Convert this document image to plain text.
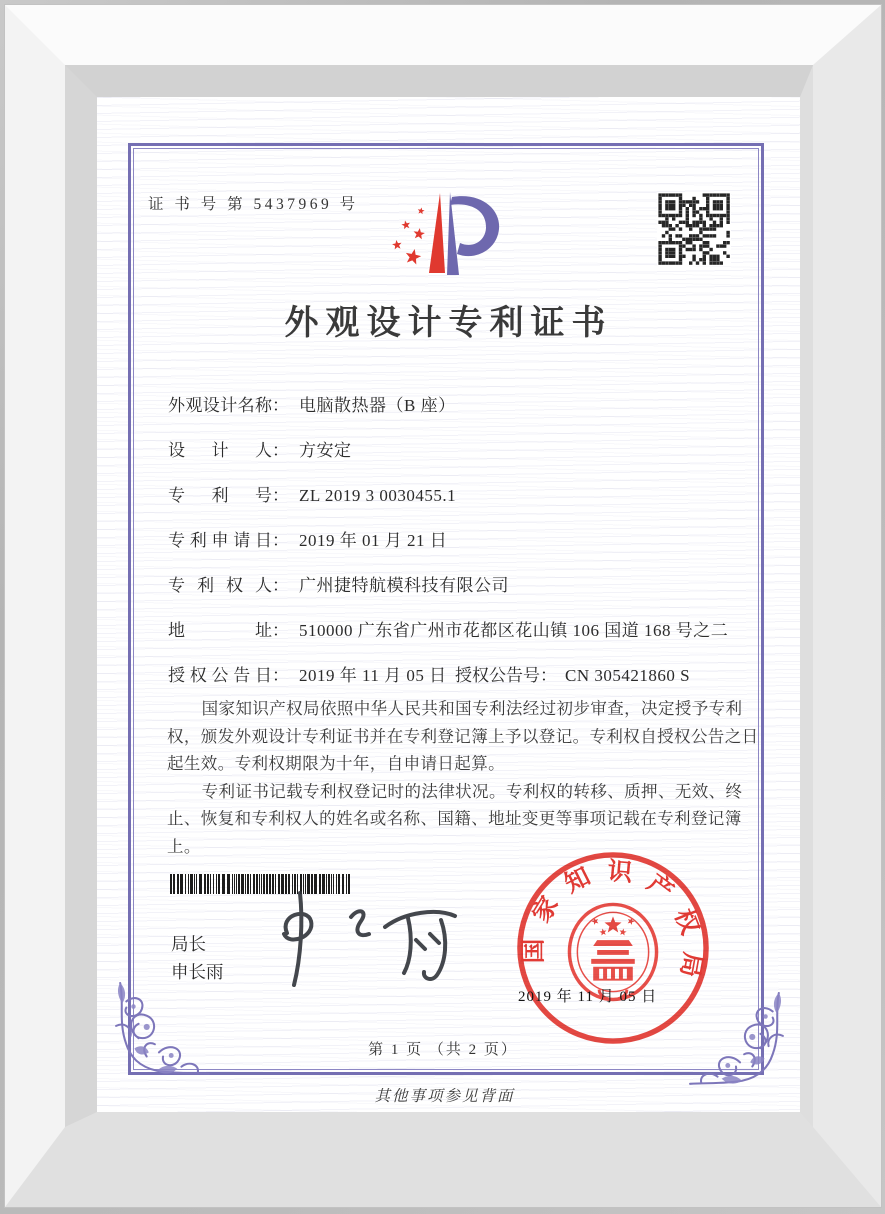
证 书 号 第 5437969 号
外观设计专利证书
外观设计名称： 电脑散热器（B 座）
设计人： 方安定
专利号： ZL 2019 3 0030455.1
专利申请日： 2019 年 01 月 21 日
专利权人： 广州捷特航模科技有限公司
地址： 510000 广东省广州市花都区花山镇 106 国道 168 号之二
授权公告日： 2019 年 11 月 05 日 授权公告号： CN 305421860 S

国家知识产权局依照中华人民共和国专利法经过初步审查，决定授予专利权，颁发外观设计专利证书并在专利登记簿上予以登记。专利权自授权公告之日起生效。专利权期限为十年，自申请日起算。

专利证书记载专利权登记时的法律状况。专利权的转移、质押、无效、终止、恢复和专利权人的姓名或名称、国籍、地址变更等事项记载在专利登记簿上。

局长
申长雨
国
家
知 识 产
权
局
2019 年 11 月 05 日
第 1 页 （共 2 页）
其他事项参见背面
